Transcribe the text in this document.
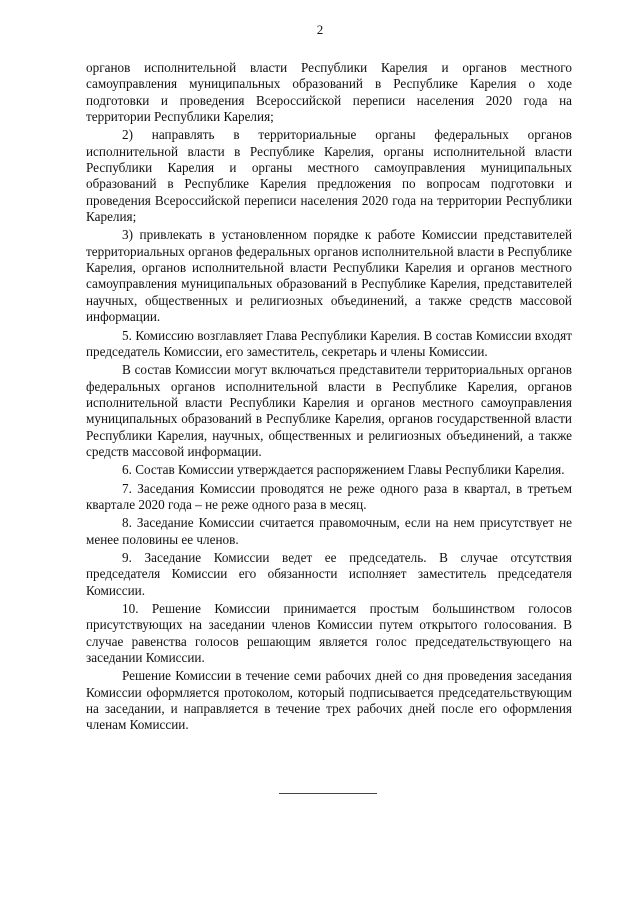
2

органов исполнительной власти Республики Карелия и органов местного самоуправления муниципальных образований в Республике Карелия о ходе подготовки и проведения Всероссийской переписи населения 2020 года на территории Республики Карелия;

2) направлять в территориальные органы федеральных органов исполнительной власти в Республике Карелия, органы исполнительной власти Республики Карелия и органы местного самоуправления муниципальных образований в Республике Карелия предложения по вопросам подготовки и проведения Всероссийской переписи населения 2020 года на территории Республики Карелия;

3) привлекать в установленном порядке к работе Комиссии представителей территориальных органов федеральных органов исполнительной власти в Республике Карелия, органов исполнительной власти Республики Карелия и органов местного самоуправления муниципальных образований в Республике Карелия, представителей научных, общественных и религиозных объединений, а также средств массовой информации.

5. Комиссию возглавляет Глава Республики Карелия. В состав Комиссии входят председатель Комиссии, его заместитель, секретарь и члены Комиссии.

В состав Комиссии могут включаться представители территориальных органов федеральных органов исполнительной власти в Республике Карелия, органов исполнительной власти Республики Карелия и органов местного самоуправления муниципальных образований в Республике Карелия, органов государственной власти Республики Карелия, научных, общественных и религиозных объединений, а также средств массовой информации.

6. Состав Комиссии утверждается распоряжением Главы Республики Карелия.

7. Заседания Комиссии проводятся не реже одного раза в квартал, в третьем квартале 2020 года – не реже одного раза в месяц.

8. Заседание Комиссии считается правомочным, если на нем присутствует не менее половины ее членов.

9. Заседание Комиссии ведет ее председатель. В случае отсутствия председателя Комиссии его обязанности исполняет заместитель председателя Комиссии.

10. Решение Комиссии принимается простым большинством голосов присутствующих на заседании членов Комиссии путем открытого голосования. В случае равенства голосов решающим является голос председательствующего на заседании Комиссии.

Решение Комиссии в течение семи рабочих дней со дня проведения заседания Комиссии оформляется протоколом, который подписывается председательствующим на заседании, и направляется в течение трех рабочих дней после его оформления членам Комиссии.
